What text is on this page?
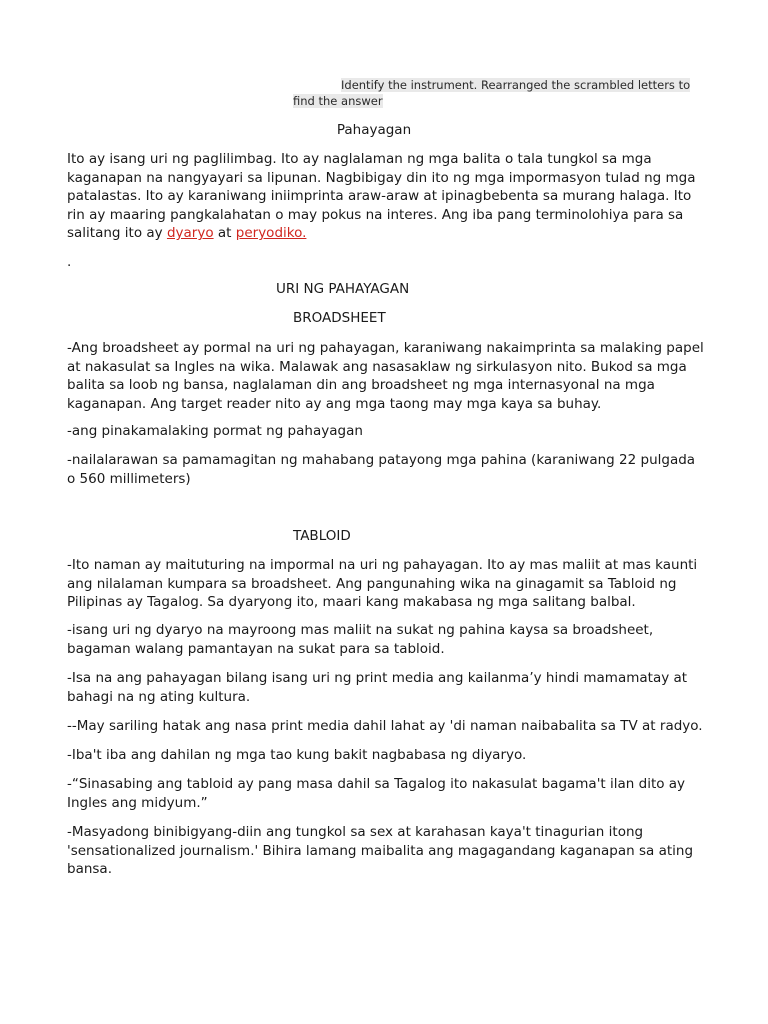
Identify the instrument. Rearranged the scrambled letters to find the answer
Pahayagan

Ito ay isang uri ng paglilimbag. Ito ay naglalaman ng mga balita o tala tungkol sa mga kaganapan na nangyayari sa lipunan. Nagbibigay din ito ng mga impormasyon tulad ng mga patalastas. Ito ay karaniwang iniimprinta araw-araw at ipinagbebenta sa murang halaga. Ito rin ay maaring pangkalahatan o may pokus na interes. Ang iba pang terminolohiya para sa salitang ito ay dyaryo at peryodiko.

.

URI NG PAHAYAGAN
BROADSHEET

-Ang broadsheet ay pormal na uri ng pahayagan, karaniwang nakaimprinta sa malaking papel at nakasulat sa Ingles na wika. Malawak ang nasasaklaw ng sirkulasyon nito. Bukod sa mga balita sa loob ng bansa, naglalaman din ang broadsheet ng mga internasyonal na mga kaganapan. Ang target reader nito ay ang mga taong may mga kaya sa buhay.

-ang pinakamalaking pormat ng pahayagan

-nailalarawan sa pamamagitan ng mahabang patayong mga pahina (karaniwang 22 pulgada o 560 millimeters)

TABLOID

-Ito naman ay maituturing na impormal na uri ng pahayagan. Ito ay mas maliit at mas kaunti ang nilalaman kumpara sa broadsheet. Ang pangunahing wika na ginagamit sa Tabloid ng Pilipinas ay Tagalog. Sa dyaryong ito, maari kang makabasa ng mga salitang balbal.

-isang uri ng dyaryo na mayroong mas maliit na sukat ng pahina kaysa sa broadsheet, bagaman walang pamantayan na sukat para sa tabloid.

-Isa na ang pahayagan bilang isang uri ng print media ang kailanma’y hindi mamamatay at bahagi na ng ating kultura.

--May sariling hatak ang nasa print media dahil lahat ay 'di naman naibabalita sa TV at radyo.

-Iba't iba ang dahilan ng mga tao kung bakit nagbabasa ng diyaryo.

-“Sinasabing ang tabloid ay pang masa dahil sa Tagalog ito nakasulat bagama't ilan dito ay Ingles ang midyum.”

-Masyadong binibigyang-diin ang tungkol sa sex at karahasan kaya't tinagurian itong 'sensationalized journalism.' Bihira lamang maibalita ang magagandang kaganapan sa ating bansa.
